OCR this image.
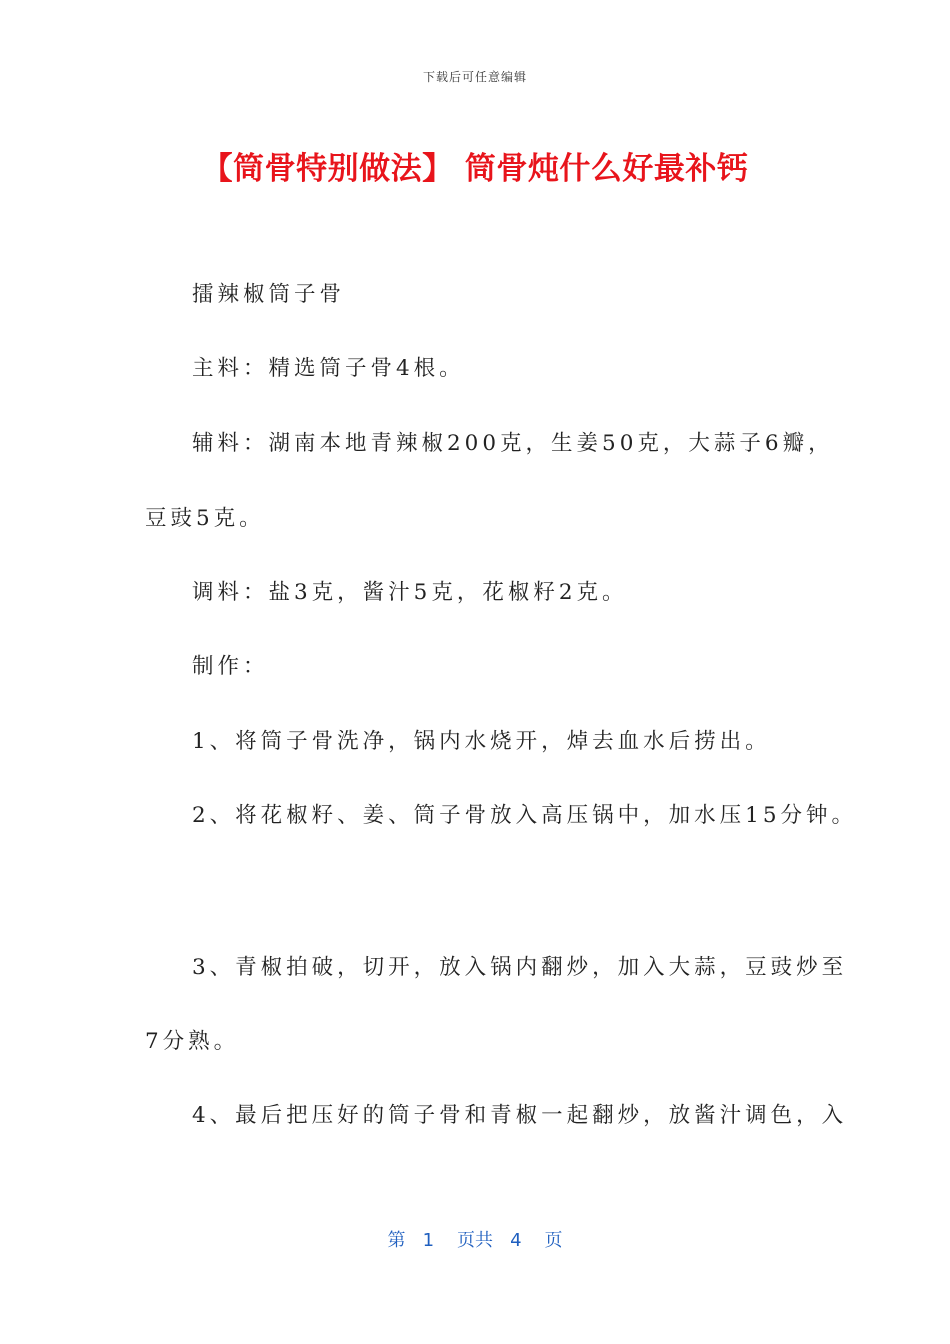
下载后可任意编辑
【筒骨特别做法】 筒骨炖什么好最补钙
擂辣椒筒子骨
主料：精选筒子骨4根。
辅料：湖南本地青辣椒200克，生姜50克，大蒜子6瓣，
豆豉5克。
调料：盐3克，酱汁5克，花椒籽2克。
制作：
1、将筒子骨洗净，锅内水烧开，焯去血水后捞出。
2、将花椒籽、姜、筒子骨放入高压锅中，加水压15分钟。
3、青椒拍破，切开，放入锅内翻炒，加入大蒜，豆豉炒至
7分熟。
4、最后把压好的筒子骨和青椒一起翻炒，放酱汁调色，入
第 1 页共 4 页
